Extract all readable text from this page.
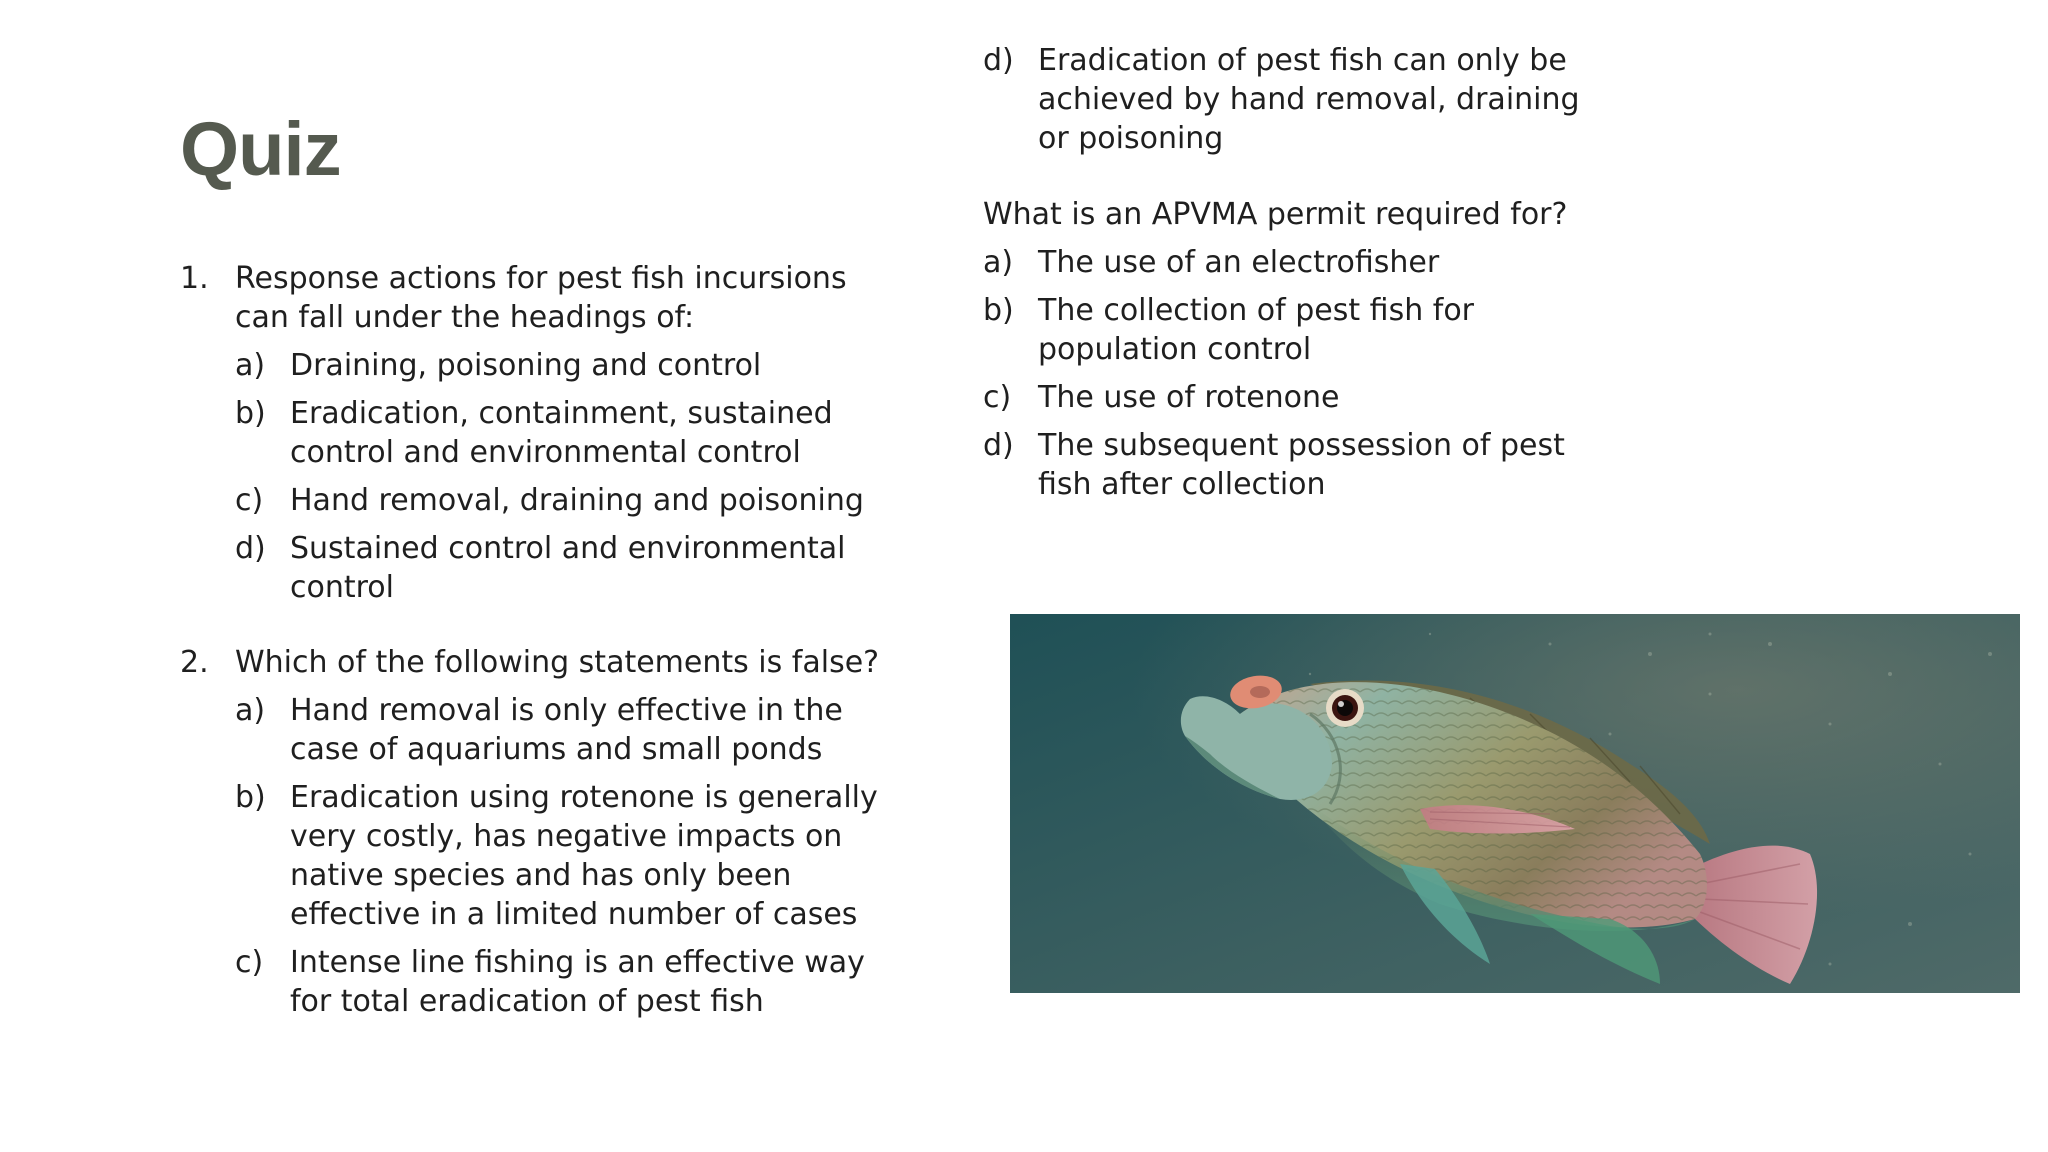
Quiz
1. Response actions for pest fish incursions can fall under the headings of:
a) Draining, poisoning and control
b) Eradication, containment, sustained control and environmental control
c) Hand removal, draining and poisoning
d) Sustained control and environmental control
2. Which of the following statements is false?
a) Hand removal is only effective in the case of aquariums and small ponds
b) Eradication using rotenone is generally very costly, has negative impacts on native species and has only been effective in a limited number of cases
c) Intense line fishing is an effective way for total eradication of pest fish
d) Eradication of pest fish can only be achieved by hand removal, draining or poisoning
What is an APVMA permit required for?
a) The use of an electrofisher
b) The collection of pest fish for population control
c) The use of rotenone
d) The subsequent possession of pest fish after collection
